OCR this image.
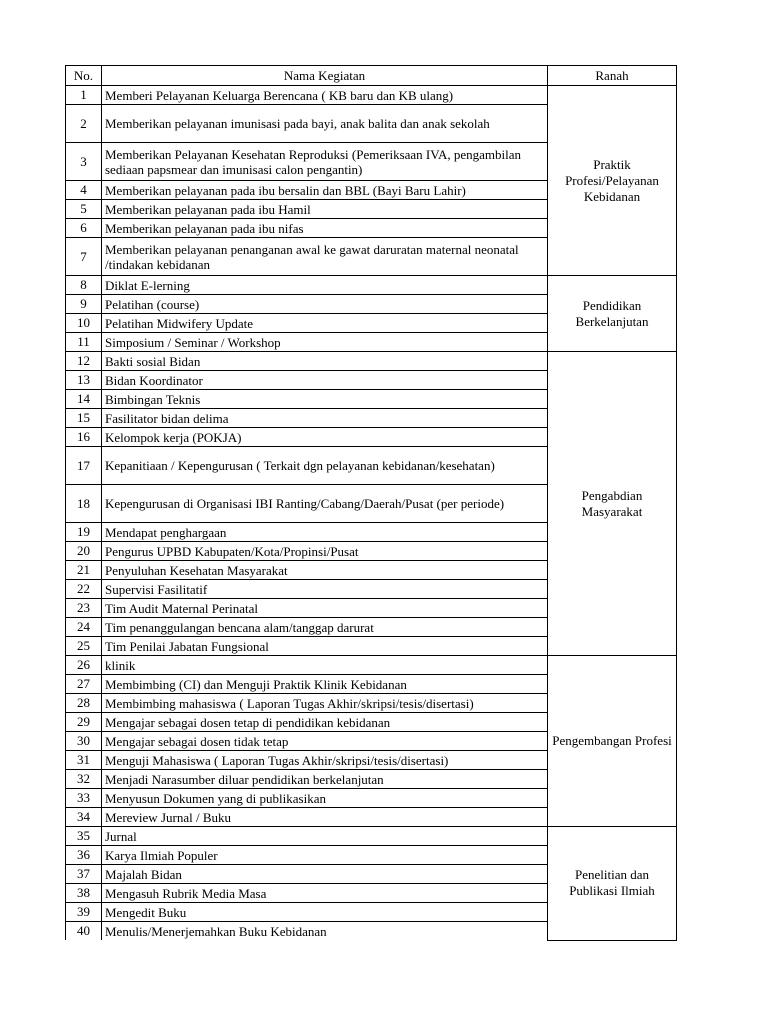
No.	Nama Kegiatan	Ranah
1	Memberi Pelayanan Keluarga Berencana ( KB baru dan KB ulang)	Praktik Profesi/Pelayanan Kebidanan
2	Memberikan pelayanan imunisasi pada bayi, anak balita dan anak sekolah	
3	Memberikan Pelayanan Kesehatan Reproduksi (Pemeriksaan IVA, pengambilan sediaan papsmear dan imunisasi calon pengantin)	
4	Memberikan pelayanan pada ibu bersalin dan BBL (Bayi Baru Lahir)	
5	Memberikan pelayanan pada ibu Hamil	
6	Memberikan pelayanan pada ibu nifas	
7	Memberikan pelayanan penanganan awal ke gawat daruratan maternal neonatal /tindakan kebidanan	
8	Diklat E-lerning	Pendidikan Berkelanjutan
9	Pelatihan (course)	
10	Pelatihan Midwifery Update	
11	Simposium / Seminar / Workshop	
12	Bakti sosial Bidan	Pengabdian Masyarakat
13	Bidan Koordinator	
14	Bimbingan Teknis	
15	Fasilitator bidan delima	
16	Kelompok kerja (POKJA)	
17	Kepanitiaan / Kepengurusan ( Terkait dgn pelayanan kebidanan/kesehatan)	
18	Kepengurusan di Organisasi IBI Ranting/Cabang/Daerah/Pusat (per periode)	
19	Mendapat penghargaan	
20	Pengurus UPBD Kabupaten/Kota/Propinsi/Pusat	
21	Penyuluhan Kesehatan Masyarakat	
22	Supervisi Fasilitatif	
23	Tim Audit Maternal Perinatal	
24	Tim penanggulangan bencana alam/tanggap darurat	
25	Tim Penilai Jabatan Fungsional	
26	klinik	Pengembangan Profesi
27	Membimbing (CI) dan Menguji Praktik Klinik Kebidanan	
28	Membimbing mahasiswa ( Laporan Tugas Akhir/skripsi/tesis/disertasi)	
29	Mengajar sebagai dosen tetap di pendidikan kebidanan	
30	Mengajar sebagai dosen tidak tetap	
31	Menguji Mahasiswa ( Laporan Tugas Akhir/skripsi/tesis/disertasi)	
32	Menjadi Narasumber diluar pendidikan berkelanjutan	
33	Menyusun Dokumen yang di publikasikan	
34	Mereview Jurnal / Buku	
35	Jurnal	Penelitian dan Publikasi Ilmiah
36	Karya Ilmiah Populer	
37	Majalah Bidan	
38	Mengasuh Rubrik Media Masa	
39	Mengedit Buku	
40	Menulis/Menerjemahkan Buku Kebidanan	
